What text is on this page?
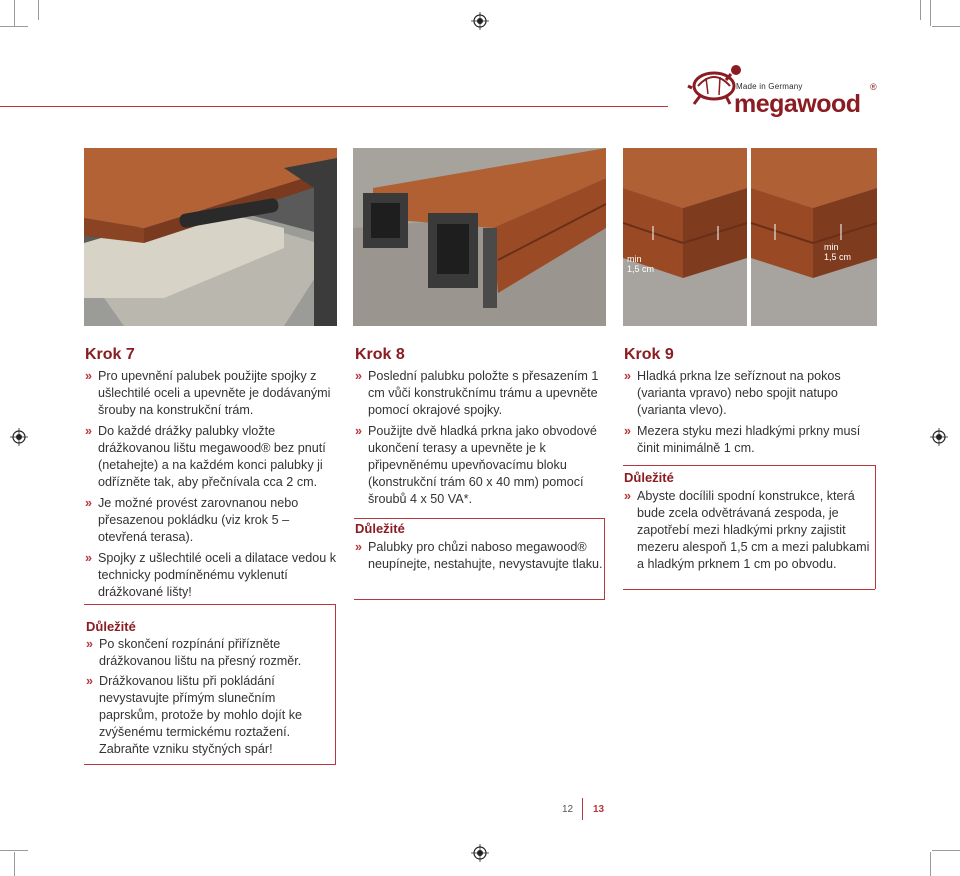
Made in Germany
megawood
®
min
1,5 cm
min
1,5 cm
Krok 7
» Pro upevnění palubek použijte spojky z ušlechtilé oceli a upevněte je dodávanými šrouby na konstrukční trám.
» Do každé drážky palubky vložte drážkovanou lištu megawood® bez pnutí (netahejte) a na každém konci palubky ji odřízněte tak, aby přečnívala cca 2 cm.
» Je možné provést zarovnanou nebo přesazenou pokládku (viz krok 5 – otevřená terasa).
» Spojky z ušlechtilé oceli a dilatace vedou k technicky podmíněnému vyklenutí drážkované lišty!
Důležité
» Po skončení rozpínání přiřízněte drážkovanou lištu na přesný rozměr.
» Drážkovanou lištu při pokládání nevystavujte přímým slunečním paprskům, protože by mohlo dojít ke zvýšenému termickému roztažení. Zabraňte vzniku styčných spár!
Krok 8
» Poslední palubku položte s přesazením 1 cm vůči konstrukčnímu trámu a upevněte pomocí okrajové spojky.
» Použijte dvě hladká prkna jako obvodové ukončení terasy a upevněte je k připevněnému upevňovacímu bloku (konstrukční trám 60 x 40 mm) pomocí šroubů 4 x 50 VA*.
Důležité
» Palubky pro chůzi naboso megawood® neupínejte, nestahujte, nevystavujte tlaku.
Krok 9
» Hladká prkna lze seříznout na pokos (varianta vpravo) nebo spojit natupo (varianta vlevo).
» Mezera styku mezi hladkými prkny musí činit minimálně 1 cm.
Důležité
» Abyste docílili spodní konstrukce, která bude zcela odvětrávaná zespoda, je zapotřebí mezi hladkými prkny zajistit mezeru alespoň 1,5 cm a mezi palubkami a hladkým prknem 1 cm po obvodu.
12 13
